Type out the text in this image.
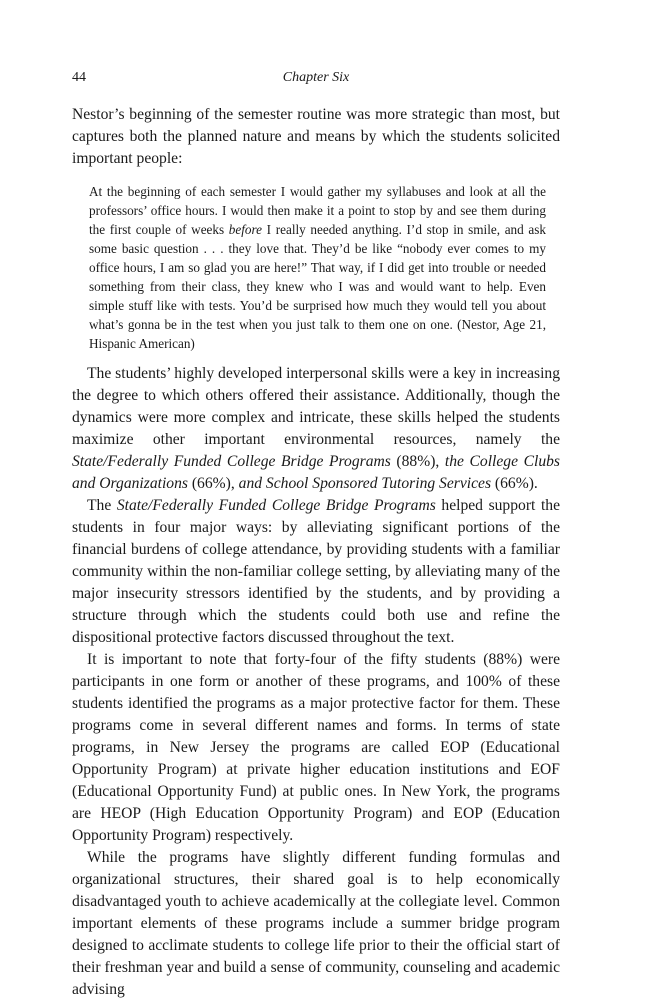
44	Chapter Six

Nestor’s beginning of the semester routine was more strategic than most, but captures both the planned nature and means by which the students solicited important people:

At the beginning of each semester I would gather my syllabuses and look at all the professors’ office hours. I would then make it a point to stop by and see them during the first couple of weeks before I really needed anything. I’d stop in smile, and ask some basic question . . . they love that. They’d be like “nobody ever comes to my office hours, I am so glad you are here!” That way, if I did get into trouble or needed something from their class, they knew who I was and would want to help. Even simple stuff like with tests. You’d be surprised how much they would tell you about what’s gonna be in the test when you just talk to them one on one. (Nestor, Age 21, Hispanic American)

The students’ highly developed interpersonal skills were a key in increasing the degree to which others offered their assistance. Additionally, though the dynamics were more complex and intricate, these skills helped the students maximize other important environmental resources, namely the State/Federally Funded College Bridge Programs (88%), the College Clubs and Organizations (66%), and School Sponsored Tutoring Services (66%).

The State/Federally Funded College Bridge Programs helped support the students in four major ways: by alleviating significant portions of the financial burdens of college attendance, by providing students with a familiar community within the non-familiar college setting, by alleviating many of the major insecurity stressors identified by the students, and by providing a structure through which the students could both use and refine the dispositional protective factors discussed throughout the text.

It is important to note that forty-four of the fifty students (88%) were participants in one form or another of these programs, and 100% of these students identified the programs as a major protective factor for them. These programs come in several different names and forms. In terms of state programs, in New Jersey the programs are called EOP (Educational Opportunity Program) at private higher education institutions and EOF (Educational Opportunity Fund) at public ones. In New York, the programs are HEOP (High Education Opportunity Program) and EOP (Education Opportunity Program) respectively.

While the programs have slightly different funding formulas and organizational structures, their shared goal is to help economically disadvantaged youth to achieve academically at the collegiate level. Common important elements of these programs include a summer bridge program designed to acclimate students to college life prior to their the official start of their freshman year and build a sense of community, counseling and academic advising
